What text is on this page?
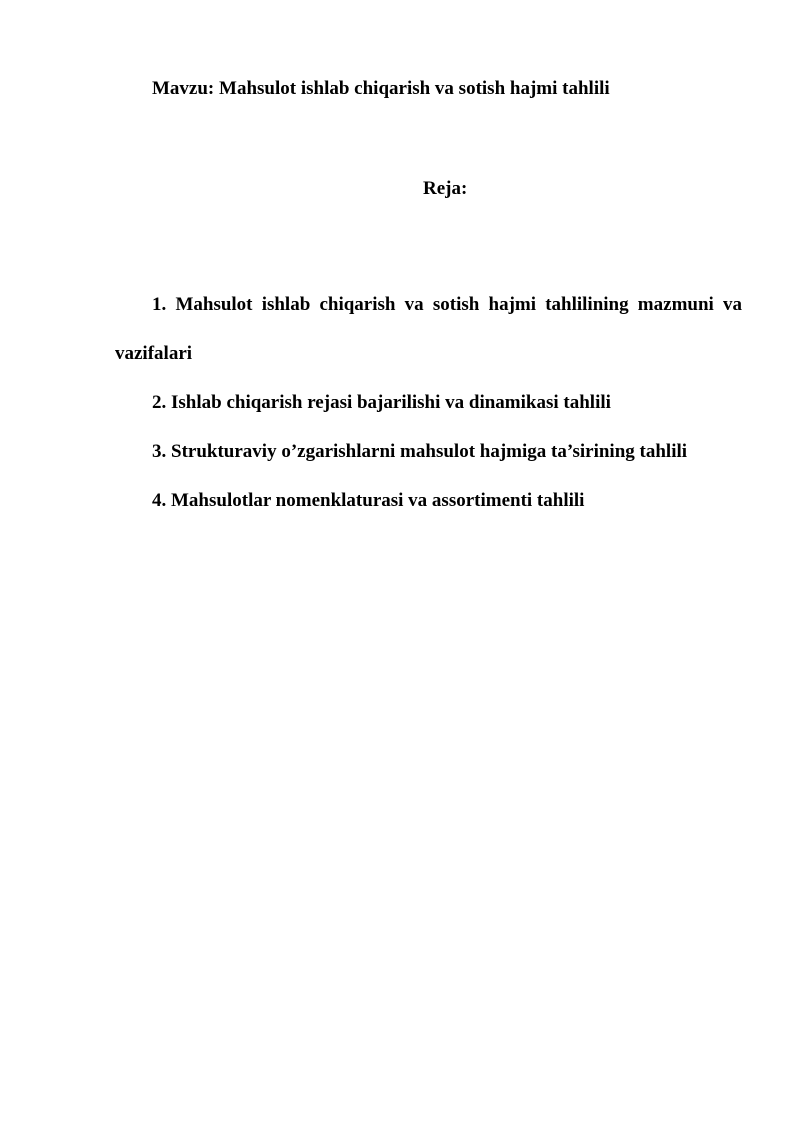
Mavzu: Mahsulot ishlab chiqarish va sotish hajmi tahlili
Reja:
1. Mahsulot ishlab chiqarish va sotish hajmi tahlilining mazmuni va vazifalari
2. Ishlab chiqarish rejasi bajarilishi va dinamikasi tahlili
3. Strukturaviy o’zgarishlarni mahsulot hajmiga ta’sirining tahlili
4. Mahsulotlar nomenklaturasi va assortimenti tahlili
